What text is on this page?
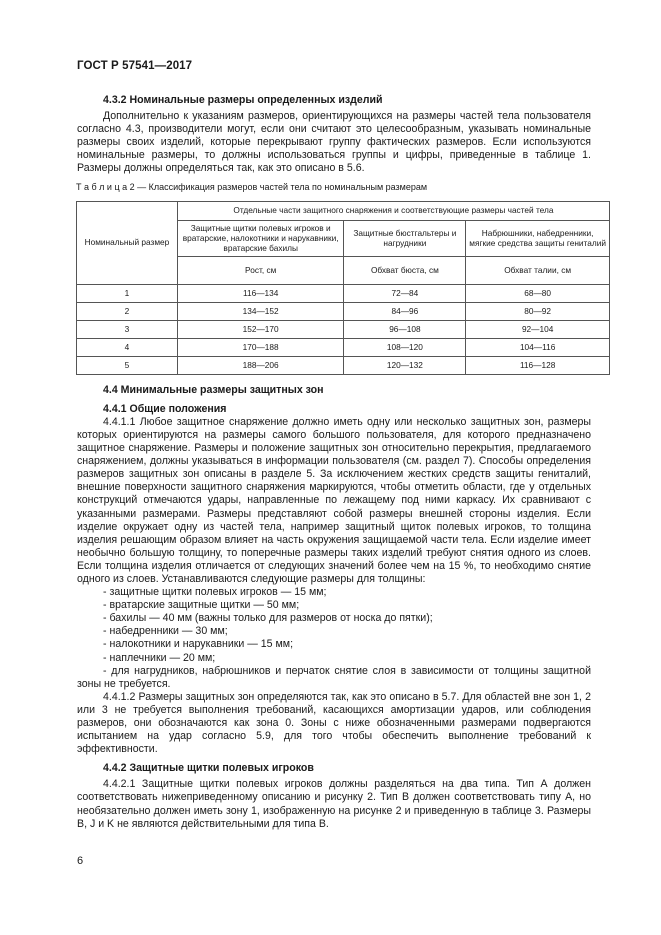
ГОСТ Р 57541—2017
4.3.2 Номинальные размеры определенных изделий

Дополнительно к указаниям размеров, ориентирующихся на размеры частей тела пользователя согласно 4.3, производители могут, если они считают это целесообразным, указывать номинальные размеры своих изделий, которые перекрывают группу фактических размеров. Если используются номинальные размеры, то должны использоваться группы и цифры, приведенные в таблице 1. Размеры должны определяться так, как это описано в 5.6.

Т а б л и ц а 2 — Классификация размеров частей тела по номинальным размерам
Номинальный размер	Отдельные части защитного снаряжения и соответствующие размеры частей тела		
	Защитные щитки полевых игроков и вратарские, налокотники и нарукавники, вратарские бахилы	Защитные бюстгальтеры и нагрудники	Набрюшники, набедренники, мягкие средства защиты гениталий
	Рост, см	Обхват бюста, см	Обхват талии, см
1	116—134	72—84	68—80
2	134—152	84—96	80—92
3	152—170	96—108	92—104
4	170—188	108—120	104—116
5	188—206	120—132	116—128
4.4 Минимальные размеры защитных зон
4.4.1 Общие положения

4.4.1.1 Любое защитное снаряжение должно иметь одну или несколько защитных зон, размеры которых ориентируются на размеры самого большого пользователя, для которого предназначено защитное снаряжение. Размеры и положение защитных зон относительно перекрытия, предлагаемого снаряжением, должны указываться в информации пользователя (см. раздел 7). Способы определения размеров защитных зон описаны в разделе 5. За исключением жестких средств защиты гениталий, внешние поверхности защитного снаряжения маркируются, чтобы отметить области, где у отдельных конструкций отмечаются удары, направленные по лежащему под ними каркасу. Их сравнивают с указанными размерами. Размеры представляют собой размеры внешней стороны изделия. Если изделие окружает одну из частей тела, например защитный щиток полевых игроков, то толщина изделия решающим образом влияет на часть окружения защищаемой части тела. Если изделие имеет необычно большую толщину, то поперечные размеры таких изделий требуют снятия одного из слоев. Если толщина изделия отличается от следующих значений более чем на 15 %, то необходимо снятие одного из слоев. Устанавливаются следующие размеры для толщины:

- защитные щитки полевых игроков — 15 мм;
- вратарские защитные щитки — 50 мм;
- бахилы — 40 мм (важны только для размеров от носка до пятки);
- набедренники — 30 мм;
- налокотники и нарукавники — 15 мм;
- наплечники — 20 мм;
- для нагрудников, набрюшников и перчаток снятие слоя в зависимости от толщины защитной зоны не требуется.

4.4.1.2 Размеры защитных зон определяются так, как это описано в 5.7. Для областей вне зон 1, 2 или 3 не требуется выполнения требований, касающихся амортизации ударов, или соблюдения размеров, они обозначаются как зона 0. Зоны с ниже обозначенными размерами подвергаются испытанием на удар согласно 5.9, для того чтобы обеспечить выполнение требований к эффективности.

4.4.2 Защитные щитки полевых игроков

4.4.2.1 Защитные щитки полевых игроков должны разделяться на два типа. Тип А должен соответствовать нижеприведенному описанию и рисунку 2. Тип В должен соответствовать типу А, но необязательно должен иметь зону 1, изображенную на рисунке 2 и приведенную в таблице 3. Размеры В, J и K не являются действительными для типа В.

6
